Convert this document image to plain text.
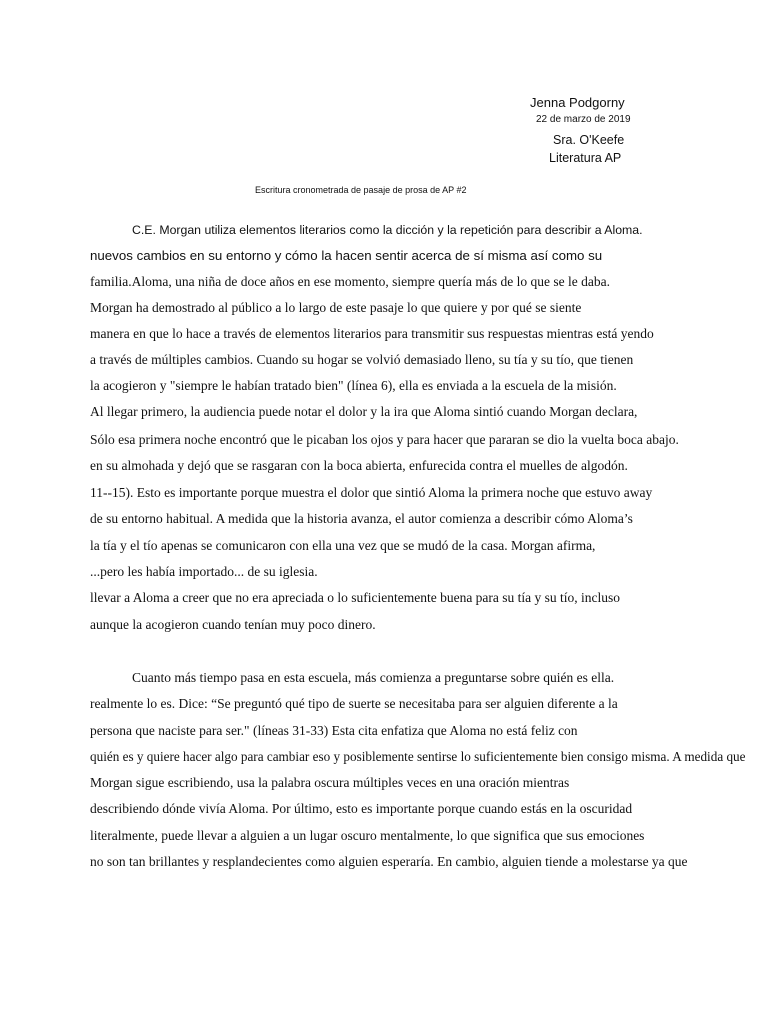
Jenna Podgorny
22 de marzo de 2019
Sra. O'Keefe
Literatura AP
Escritura cronometrada de pasaje de prosa de AP #2
C.E. Morgan utiliza elementos literarios como la dicción y la repetición para describir a Aloma.
nuevos cambios en su entorno y cómo la hacen sentir acerca de sí misma así como su
familia.Aloma, una niña de doce años en ese momento, siempre quería más de lo que se le daba.
Morgan ha demostrado al público a lo largo de este pasaje lo que quiere y por qué se siente
manera en que lo hace a través de elementos literarios para transmitir sus respuestas mientras está yendo
a través de múltiples cambios. Cuando su hogar se volvió demasiado lleno, su tía y su tío, que tienen
la acogieron y "siempre le habían tratado bien" (línea 6), ella es enviada a la escuela de la misión.
Al llegar primero, la audiencia puede notar el dolor y la ira que Aloma sintió cuando Morgan declara,
Sólo esa primera noche encontró que le picaban los ojos y para hacer que pararan se dio la vuelta boca abajo.
en su almohada y dejó que se rasgaran con la boca abierta, enfurecida contra el muelles de algodón.
11--15). Esto es importante porque muestra el dolor que sintió Aloma la primera noche que estuvo away
de su entorno habitual. A medida que la historia avanza, el autor comienza a describir cómo Aloma’s
la tía y el tío apenas se comunicaron con ella una vez que se mudó de la casa. Morgan afirma,
...pero les había importado... de su iglesia.
llevar a Aloma a creer que no era apreciada o lo suficientemente buena para su tía y su tío, incluso
aunque la acogieron cuando tenían muy poco dinero.
Cuanto más tiempo pasa en esta escuela, más comienza a preguntarse sobre quién es ella.
realmente lo es. Dice: “Se preguntó qué tipo de suerte se necesitaba para ser alguien diferente a la
persona que naciste para ser." (líneas 31-33) Esta cita enfatiza que Aloma no está feliz con
quién es y quiere hacer algo para cambiar eso y posiblemente sentirse lo suficientemente bien consigo misma. A medida que
Morgan sigue escribiendo, usa la palabra oscura múltiples veces en una oración mientras
describiendo dónde vivía Aloma. Por último, esto es importante porque cuando estás en la oscuridad
literalmente, puede llevar a alguien a un lugar oscuro mentalmente, lo que significa que sus emociones
no son tan brillantes y resplandecientes como alguien esperaría. En cambio, alguien tiende a molestarse ya que
